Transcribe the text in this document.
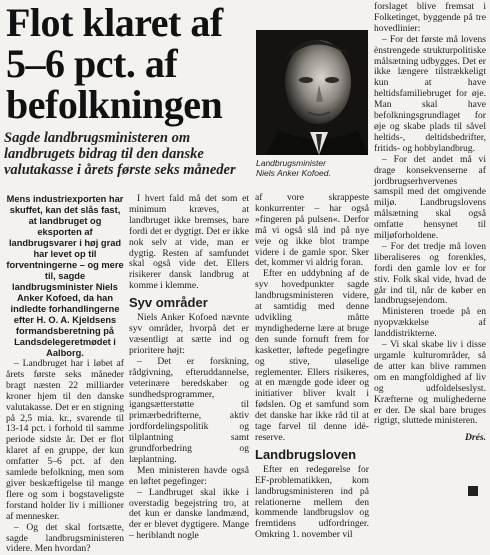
Flot klaret af
5–6 pct. af
befolkningen
Sagde landbrugsministeren om
landbrugets bidrag til den danske
valutakasse i årets første seks måneder	Landbrugsminister
Niels Anker Kofoed.

Mens industriexporten har skuffet, kan det slås fast, at landbruget og eksporten af landbrugsvarer i høj grad har levet op til forventningerne – og mere til, sagde landbrugsminister Niels Anker Kofoed, da han indledte forhandlingerne efter H. O. A. Kjeldsens formandsberetning på Landsdelegeretmødet i Aalborg.

– Landbruget har i løbet af årets første seks måneder bragt næsten 22 milliarder kroner hjem til den danske valutakasse. Det er en stigning på 2,5 mia. kr., svarende til 13-14 pct. i forhold til samme periode sidste år. Det er flot klaret af en gruppe, der kun omfatter 5–6 pct. af den samlede befolkning, men som giver beskæftigelse til mange flere og som i bogstaveligste forstand holder liv i millioner af mennesker.

– Og det skal fortsætte, sagde landbrugsministeren videre. Men hvordan?

I hvert fald må det som et minimum kræves, at landbruget ikke bremses, bare fordi det er dygtigt. Det er ikke nok selv at vide, man er dygtig. Resten af samfundet skal også vide det. Ellers risikerer dansk landbrug at komme i klemme.

Syv områder

Niels Anker Kofoed nævnte syv områder, hvorpå det er væsentligt at sætte ind og prioritere højt:

– Det er forskning, rådgivning, efteruddannelse, veterinære beredskaber og sundhedsprogrammer, igangsætterstøtte til primærbedrifterne, aktiv jordfordelingspolitik og tilplantning samt grundforbedring og læplantning.

Men ministeren havde også en løftet pegefinger:

– Landbruget skal ikke i overstadig begejstring tro, at det kun er danske landmænd, der er blevet dygtigere. Mange – heriblandt nogle

af vore skrappeste konkurrenter – har også »fingeren på pulsen«. Derfor må vi også slå ind på nye veje og ikke blot trampe videre i de gamle spor. Sker det, kommer vi aldrig foran.

Efter en uddybning af de syv hovedpunkter sagde landbrugsministeren videre, at samtidig med denne udvikling måtte myndighederne lære at bruge den sunde fornuft frem for kasketter, løftede pegefingre og stive, uløselige reglementer. Ellers risikeres, at en mængde gode ideer og initiativer bliver kvalt i fødslen. Og et samfund som det danske har ikke råd til at tage farvel til denne idé-reserve.

Landbrugsloven

Efter en redegørelse for EF-problematikken, kom landbrugsministeren ind på relationerne mellem den kommende landbrugslov og fremtidens udfordringer. Omkring 1. november vil

forslaget blive fremsat i Folketinget, byggende på tre hovedlinier:

– For det første må lovens ènstrengede strukturpolitiske målsætning udbygges. Det er ikke længere tilstrækkeligt kun at have heltidsfamiliebruget for øje. Man skal have befolkningsgrundlaget for øje og skabe plads til såvel heltids-, deltidsbedrifter, fritids- og hobbylandbrug.

– For det andet må vi drage konsekvenserne af jordbrugserhvervenes samspil med det omgivende miljø. Landbrugslovens målsætning skal også omfatte hensynet til miljøforholdene.

– For det tredje må loven liberaliseres og forenkles, fordi den gamle lov er for stiv. Folk skal vide, hvad de går ind til, når de køber en landbrugsejendom.

Ministeren troede på en nyopvækkelse af landdistrikterne.

– Vi skal skabe liv i disse urgamle kulturområder, så de atter kan blive rammen om en mangfoldighed af liv og udfoldelseslyst. Kræfterne og mulighederne er der. De skal bare bruges rigtigt, sluttede ministeren.

Drés.
